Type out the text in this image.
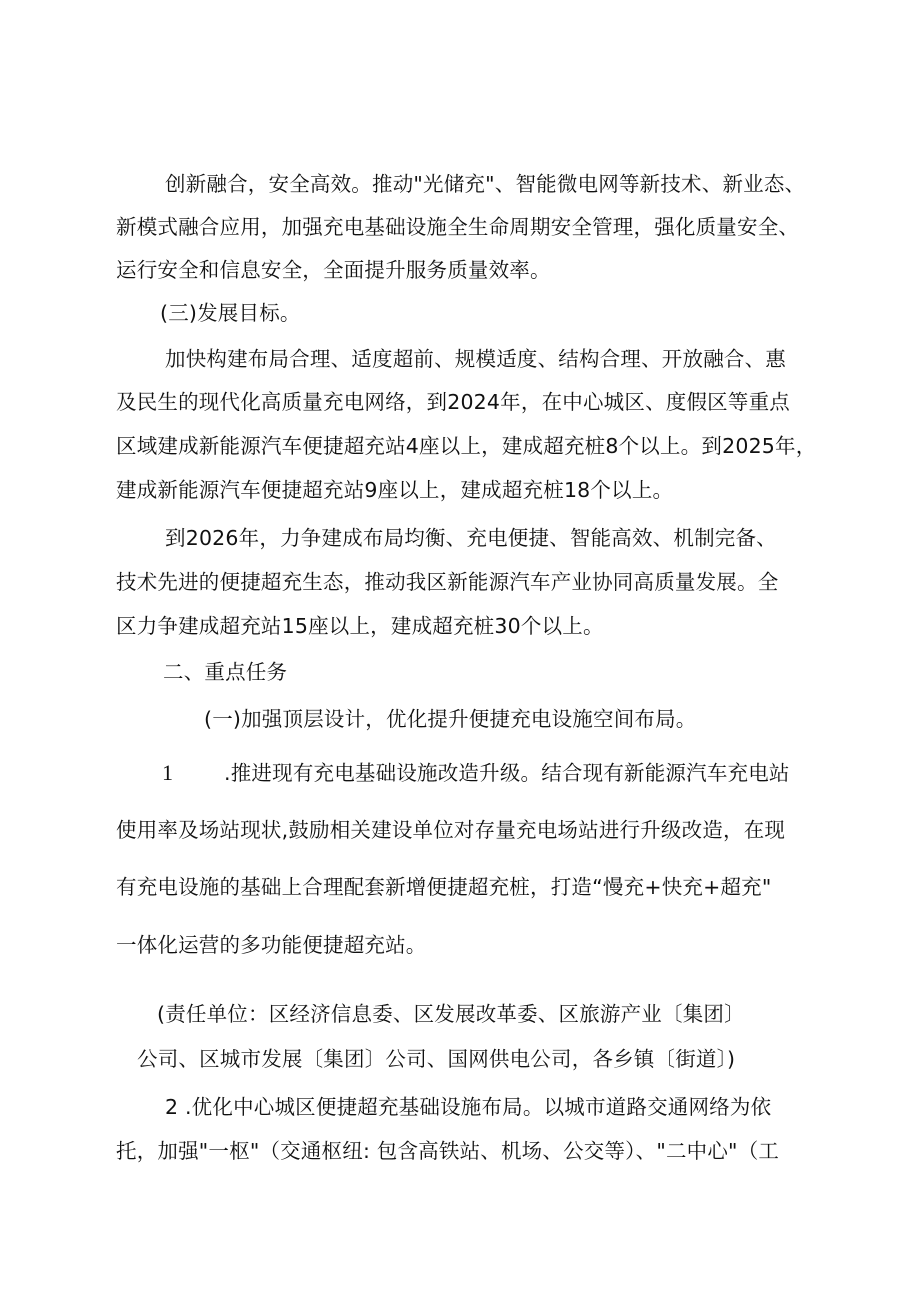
创新融合，安全高效。推动"光储充"、智能微电网等新技术、新业态、
新模式融合应用，加强充电基础设施全生命周期安全管理，强化质量安全、
运行安全和信息安全，全面提升服务质量效率。
(三)发展目标。
加快构建布局合理、适度超前、规模适度、结构合理、开放融合、惠
及民生的现代化高质量充电网络，到2024年，在中心城区、度假区等重点
区域建成新能源汽车便捷超充站4座以上，建成超充桩8个以上。到2025年，
建成新能源汽车便捷超充站9座以上，建成超充桩18个以上。
到2026年，力争建成布局均衡、充电便捷、智能高效、机制完备、
技术先进的便捷超充生态，推动我区新能源汽车产业协同高质量发展。全
区力争建成超充站15座以上，建成超充桩30个以上。
二、重点任务
(一)加强顶层设计，优化提升便捷充电设施空间布局。
1 .推进现有充电基础设施改造升级。结合现有新能源汽车充电站
使用率及场站现状,鼓励相关建设单位对存量充电场站进行升级改造，在现
有充电设施的基础上合理配套新增便捷超充桩，打造“慢充+快充+超充"
一体化运营的多功能便捷超充站。
(责任单位：区经济信息委、区发展改革委、区旅游产业〔集团〕
公司、区城市发展〔集团〕公司、国网供电公司，各乡镇〔街道〕)
2 .优化中心城区便捷超充基础设施布局。以城市道路交通网络为依
托，加强"一枢"（交通枢纽: 包含高铁站、机场、公交等）、"二中心"（工
